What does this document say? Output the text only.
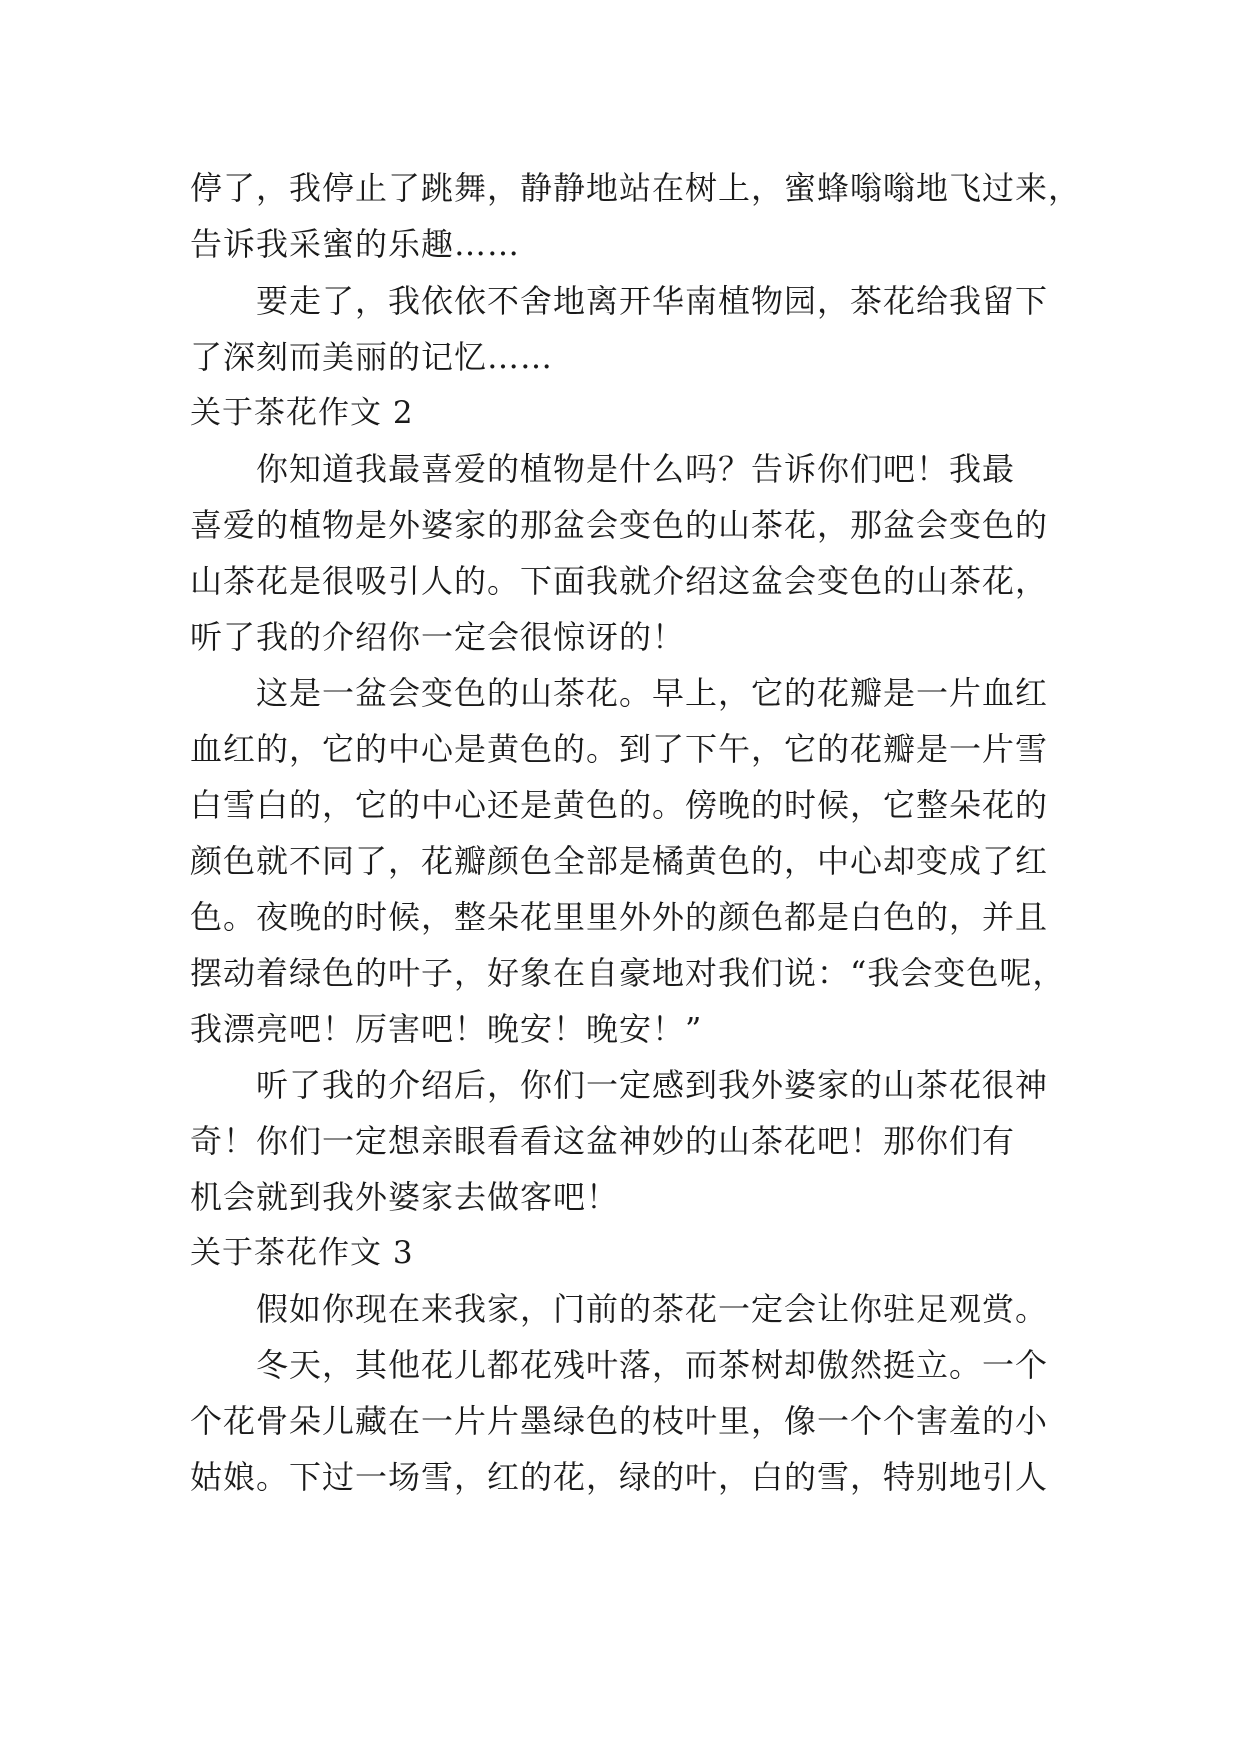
停了，我停止了跳舞，静静地站在树上，蜜蜂嗡嗡地飞过来，
告诉我采蜜的乐趣……
　　要走了，我依依不舍地离开华南植物园，茶花给我留下
了深刻而美丽的记忆……
关于茶花作文 2
　　你知道我最喜爱的植物是什么吗？告诉你们吧！我最
喜爱的植物是外婆家的那盆会变色的山茶花，那盆会变色的
山茶花是很吸引人的。下面我就介绍这盆会变色的山茶花，
听了我的介绍你一定会很惊讶的！
　　这是一盆会变色的山茶花。早上，它的花瓣是一片血红
血红的，它的中心是黄色的。到了下午，它的花瓣是一片雪
白雪白的，它的中心还是黄色的。傍晚的时候，它整朵花的
颜色就不同了，花瓣颜色全部是橘黄色的，中心却变成了红
色。夜晚的时候，整朵花里里外外的颜色都是白色的，并且
摆动着绿色的叶子，好象在自豪地对我们说：“我会变色呢，
我漂亮吧！厉害吧！晚安！晚安！”
　　听了我的介绍后，你们一定感到我外婆家的山茶花很神
奇！你们一定想亲眼看看这盆神妙的山茶花吧！那你们有
机会就到我外婆家去做客吧！
关于茶花作文 3
　　假如你现在来我家，门前的茶花一定会让你驻足观赏。
　　冬天，其他花儿都花残叶落，而茶树却傲然挺立。一个
个花骨朵儿藏在一片片墨绿色的枝叶里，像一个个害羞的小
姑娘。下过一场雪，红的花，绿的叶，白的雪，特别地引人
